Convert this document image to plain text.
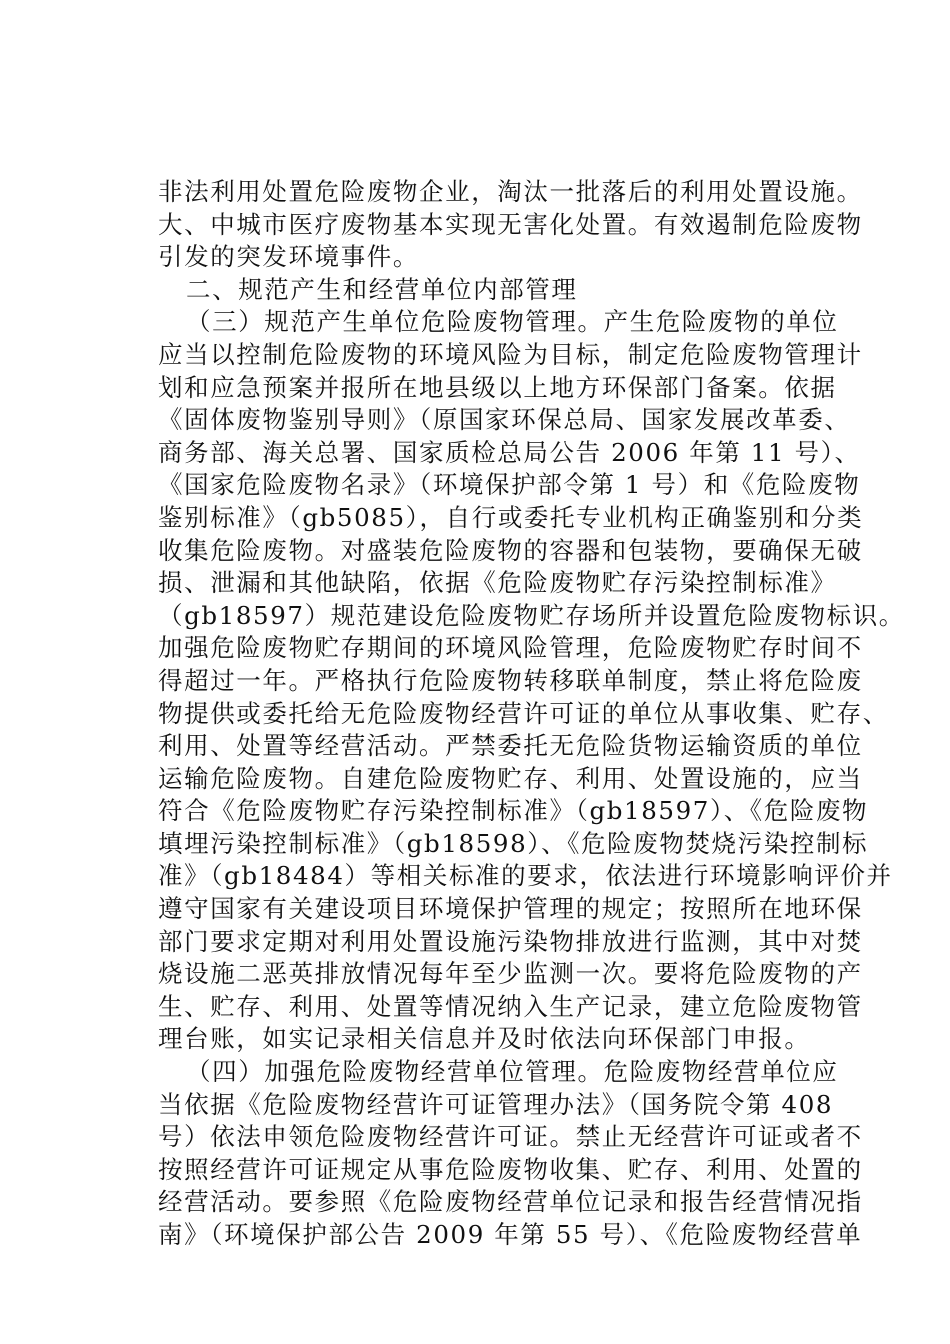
非法利用处置危险废物企业，淘汰一批落后的利用处置设施。
大、中城市医疗废物基本实现无害化处置。有效遏制危险废物
引发的突发环境事件。
二、规范产生和经营单位内部管理
（三）规范产生单位危险废物管理。产生危险废物的单位
应当以控制危险废物的环境风险为目标，制定危险废物管理计
划和应急预案并报所在地县级以上地方环保部门备案。依据
《固体废物鉴别导则》（原国家环保总局、国家发展改革委、
商务部、海关总署、国家质检总局公告 2006 年第 11 号）、
《国家危险废物名录》（环境保护部令第 1 号）和《危险废物
鉴别标准》（gb5085），自行或委托专业机构正确鉴别和分类
收集危险废物。对盛装危险废物的容器和包装物，要确保无破
损、泄漏和其他缺陷，依据《危险废物贮存污染控制标准》
（gb18597）规范建设危险废物贮存场所并设置危险废物标识。
加强危险废物贮存期间的环境风险管理，危险废物贮存时间不
得超过一年。严格执行危险废物转移联单制度，禁止将危险废
物提供或委托给无危险废物经营许可证的单位从事收集、贮存、
利用、处置等经营活动。严禁委托无危险货物运输资质的单位
运输危险废物。自建危险废物贮存、利用、处置设施的，应当
符合《危险废物贮存污染控制标准》（gb18597）、《危险废物
填埋污染控制标准》（gb18598）、《危险废物焚烧污染控制标
准》（gb18484）等相关标准的要求，依法进行环境影响评价并
遵守国家有关建设项目环境保护管理的规定；按照所在地环保
部门要求定期对利用处置设施污染物排放进行监测，其中对焚
烧设施二恶英排放情况每年至少监测一次。要将危险废物的产
生、贮存、利用、处置等情况纳入生产记录，建立危险废物管
理台账，如实记录相关信息并及时依法向环保部门申报。
（四）加强危险废物经营单位管理。危险废物经营单位应
当依据《危险废物经营许可证管理办法》（国务院令第 408
号）依法申领危险废物经营许可证。禁止无经营许可证或者不
按照经营许可证规定从事危险废物收集、贮存、利用、处置的
经营活动。要参照《危险废物经营单位记录和报告经营情况指
南》（环境保护部公告 2009 年第 55 号）、《危险废物经营单
